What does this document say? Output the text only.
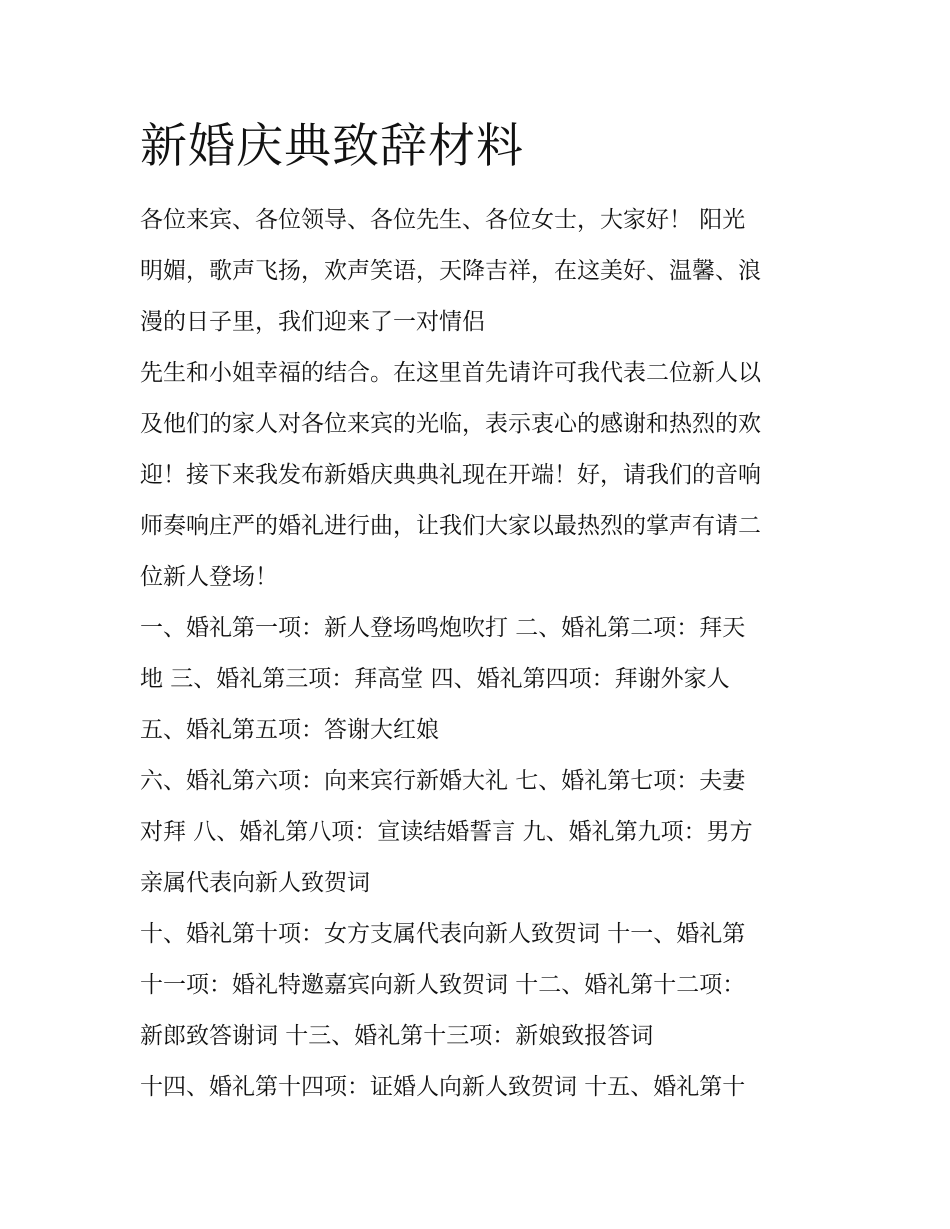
新婚庆典致辞材料
各位来宾、各位领导、各位先生、各位女士，大家好！ 阳光
明媚，歌声飞扬，欢声笑语，天降吉祥，在这美好、温馨、浪
漫的日子里，我们迎来了一对情侣
先生和小姐幸福的结合。在这里首先请许可我代表二位新人以
及他们的家人对各位来宾的光临，表示衷心的感谢和热烈的欢
迎！接下来我发布新婚庆典典礼现在开端！好，请我们的音响
师奏响庄严的婚礼进行曲，让我们大家以最热烈的掌声有请二
位新人登场！
一、婚礼第一项：新人登场鸣炮吹打 二、婚礼第二项：拜天
地 三、婚礼第三项：拜高堂 四、婚礼第四项：拜谢外家人
五、婚礼第五项：答谢大红娘
六、婚礼第六项：向来宾行新婚大礼 七、婚礼第七项：夫妻
对拜 八、婚礼第八项：宣读结婚誓言 九、婚礼第九项：男方
亲属代表向新人致贺词
十、婚礼第十项：女方支属代表向新人致贺词 十一、婚礼第
十一项：婚礼特邀嘉宾向新人致贺词 十二、婚礼第十二项：
新郎致答谢词 十三、婚礼第十三项：新娘致报答词
十四、婚礼第十四项：证婚人向新人致贺词 十五、婚礼第十
